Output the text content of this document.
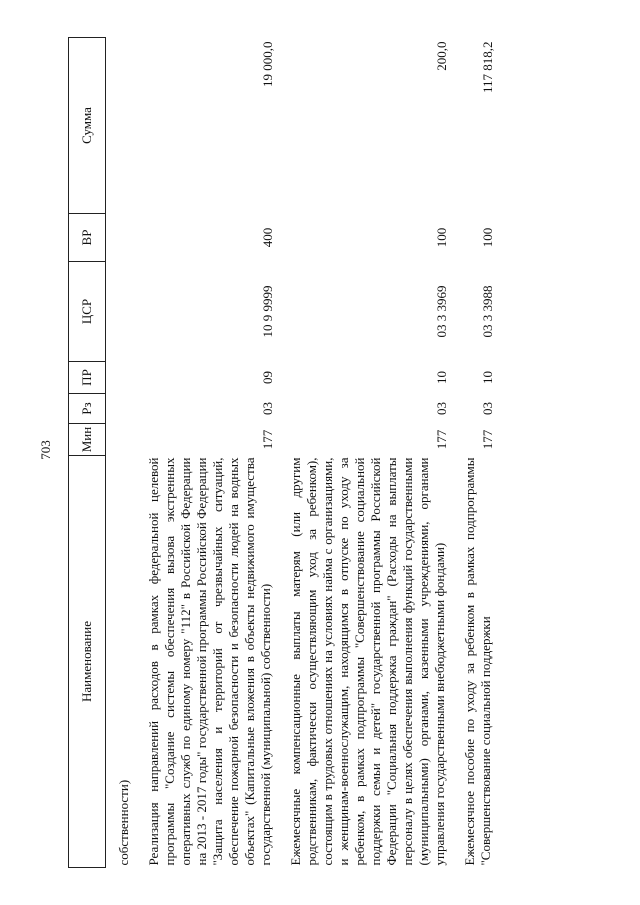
703
Наименование	Мин	Рз	ПР	ЦСР	ВР	Сумма
собственности)						

Реализация направлений расходов в рамках федеральной целевой программы "Создание системы обеспечения вызова экстренных оперативных служб по единому номеру "112" в Российской Федерации на 2013 - 2017 годы" государственной программы Российской Федерации "Защита населения и территорий от чрезвычайных ситуаций, обеспечение пожарной безопасности и безопасности людей на водных объектах" (Капитальные вложения в объекты недвижимого имущества государственной (муниципальной) собственности)	177	03	09	10 9 9999	400	19 000,0

Ежемесячные компенсационные выплаты матерям (или другим родственникам, фактически осуществляющим уход за ребенком), состоящим в трудовых отношениях на условиях найма с организациями, и женщинам-военнослужащим, находящимся в отпуске по уходу за ребенком, в рамках подпрограммы "Совершенствование социальной поддержки семьи и детей" государственной программы Российской Федерации "Социальная поддержка граждан" (Расходы на выплаты персоналу в целях обеспечения выполнения функций государственными (муниципальными) органами, казенными учреждениями, органами управления государственными внебюджетными фондами)	177	03	10	03 3 3969	100	200,0

Ежемесячное пособие по уходу за ребенком в рамках подпрограммы "Совершенствование социальной поддержки	177	03	10	03 3 3988	100	117 818,2
